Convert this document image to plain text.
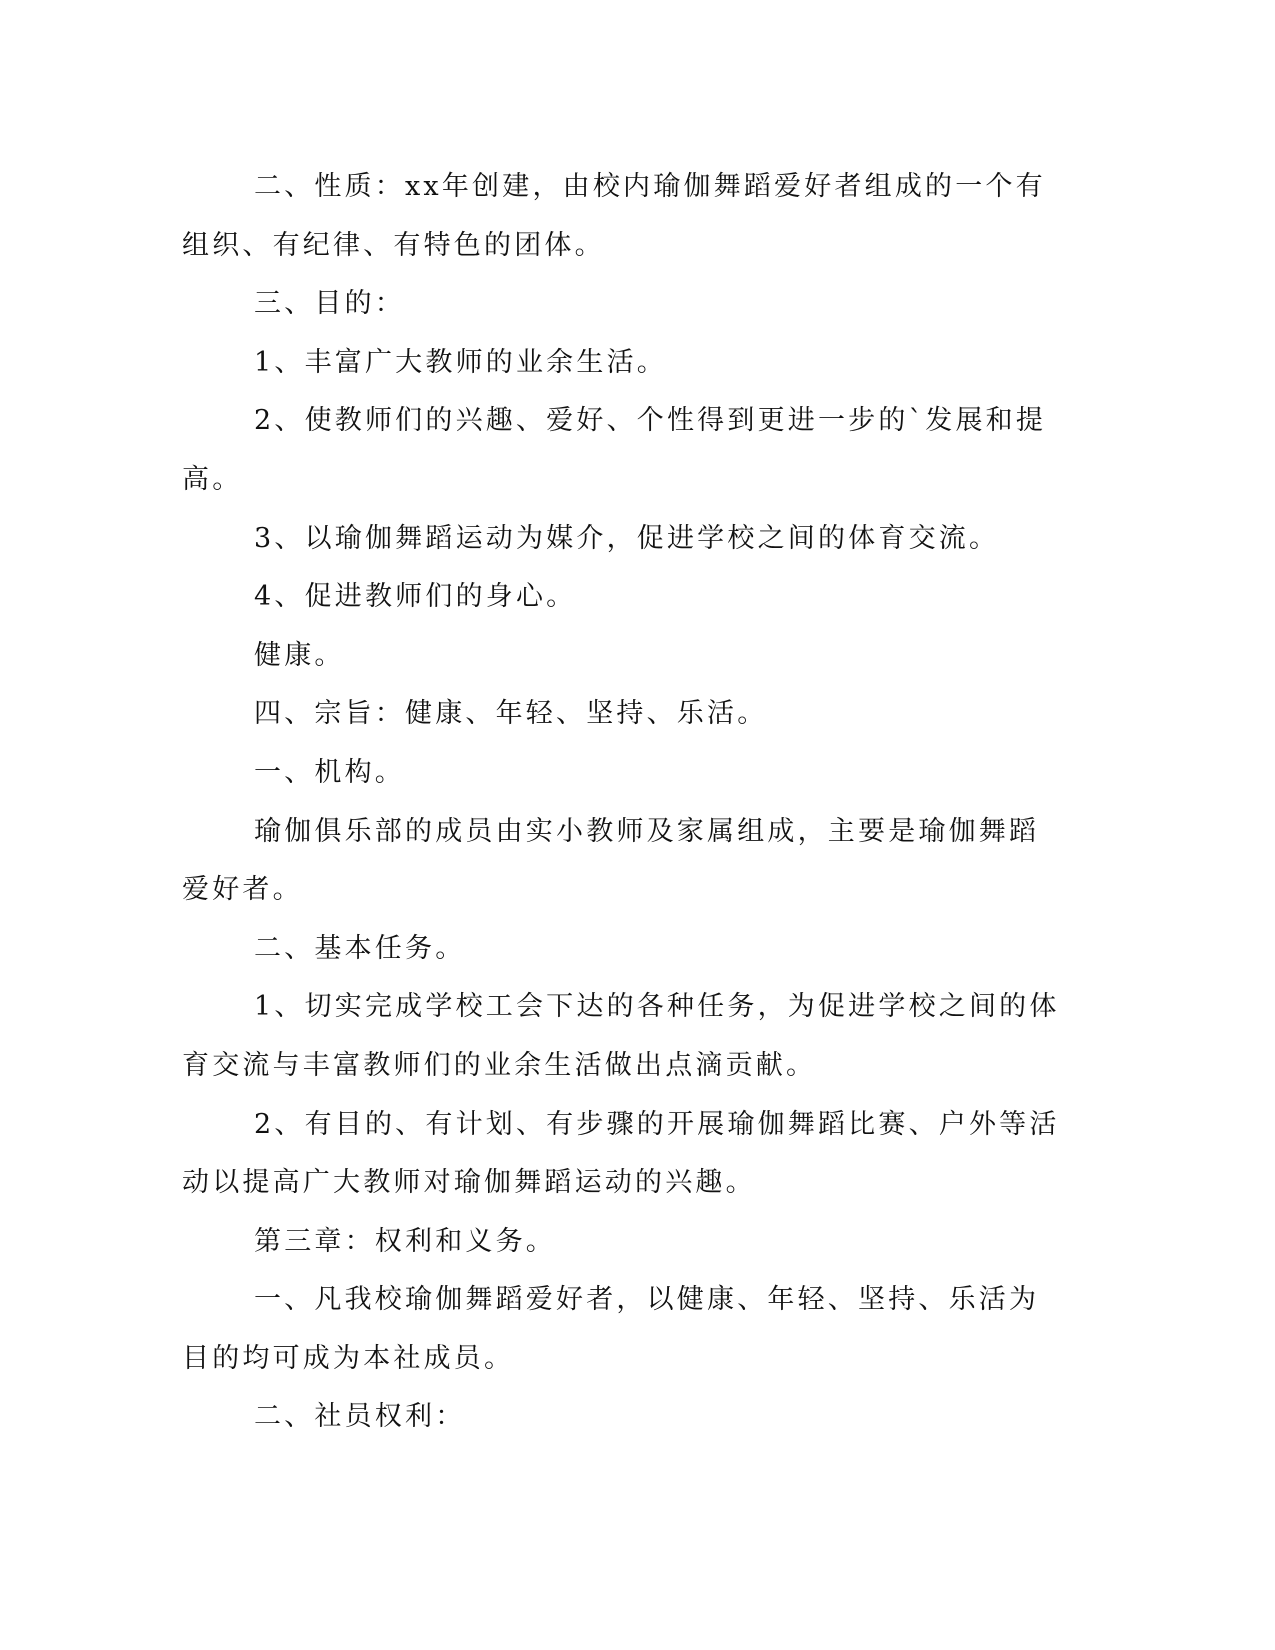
二、性质：xx年创建，由校内瑜伽舞蹈爱好者组成的一个有组织、有纪律、有特色的团体。

三、目的：

1、丰富广大教师的业余生活。

2、使教师们的兴趣、爱好、个性得到更进一步的`发展和提高。

3、以瑜伽舞蹈运动为媒介，促进学校之间的体育交流。

4、促进教师们的身心。

健康。

四、宗旨：健康、年轻、坚持、乐活。

一、机构。

瑜伽俱乐部的成员由实小教师及家属组成，主要是瑜伽舞蹈爱好者。

二、基本任务。

1、切实完成学校工会下达的各种任务，为促进学校之间的体育交流与丰富教师们的业余生活做出点滴贡献。

2、有目的、有计划、有步骤的开展瑜伽舞蹈比赛、户外等活动以提高广大教师对瑜伽舞蹈运动的兴趣。

第三章：权利和义务。

一、凡我校瑜伽舞蹈爱好者，以健康、年轻、坚持、乐活为目的均可成为本社成员。

二、社员权利：
